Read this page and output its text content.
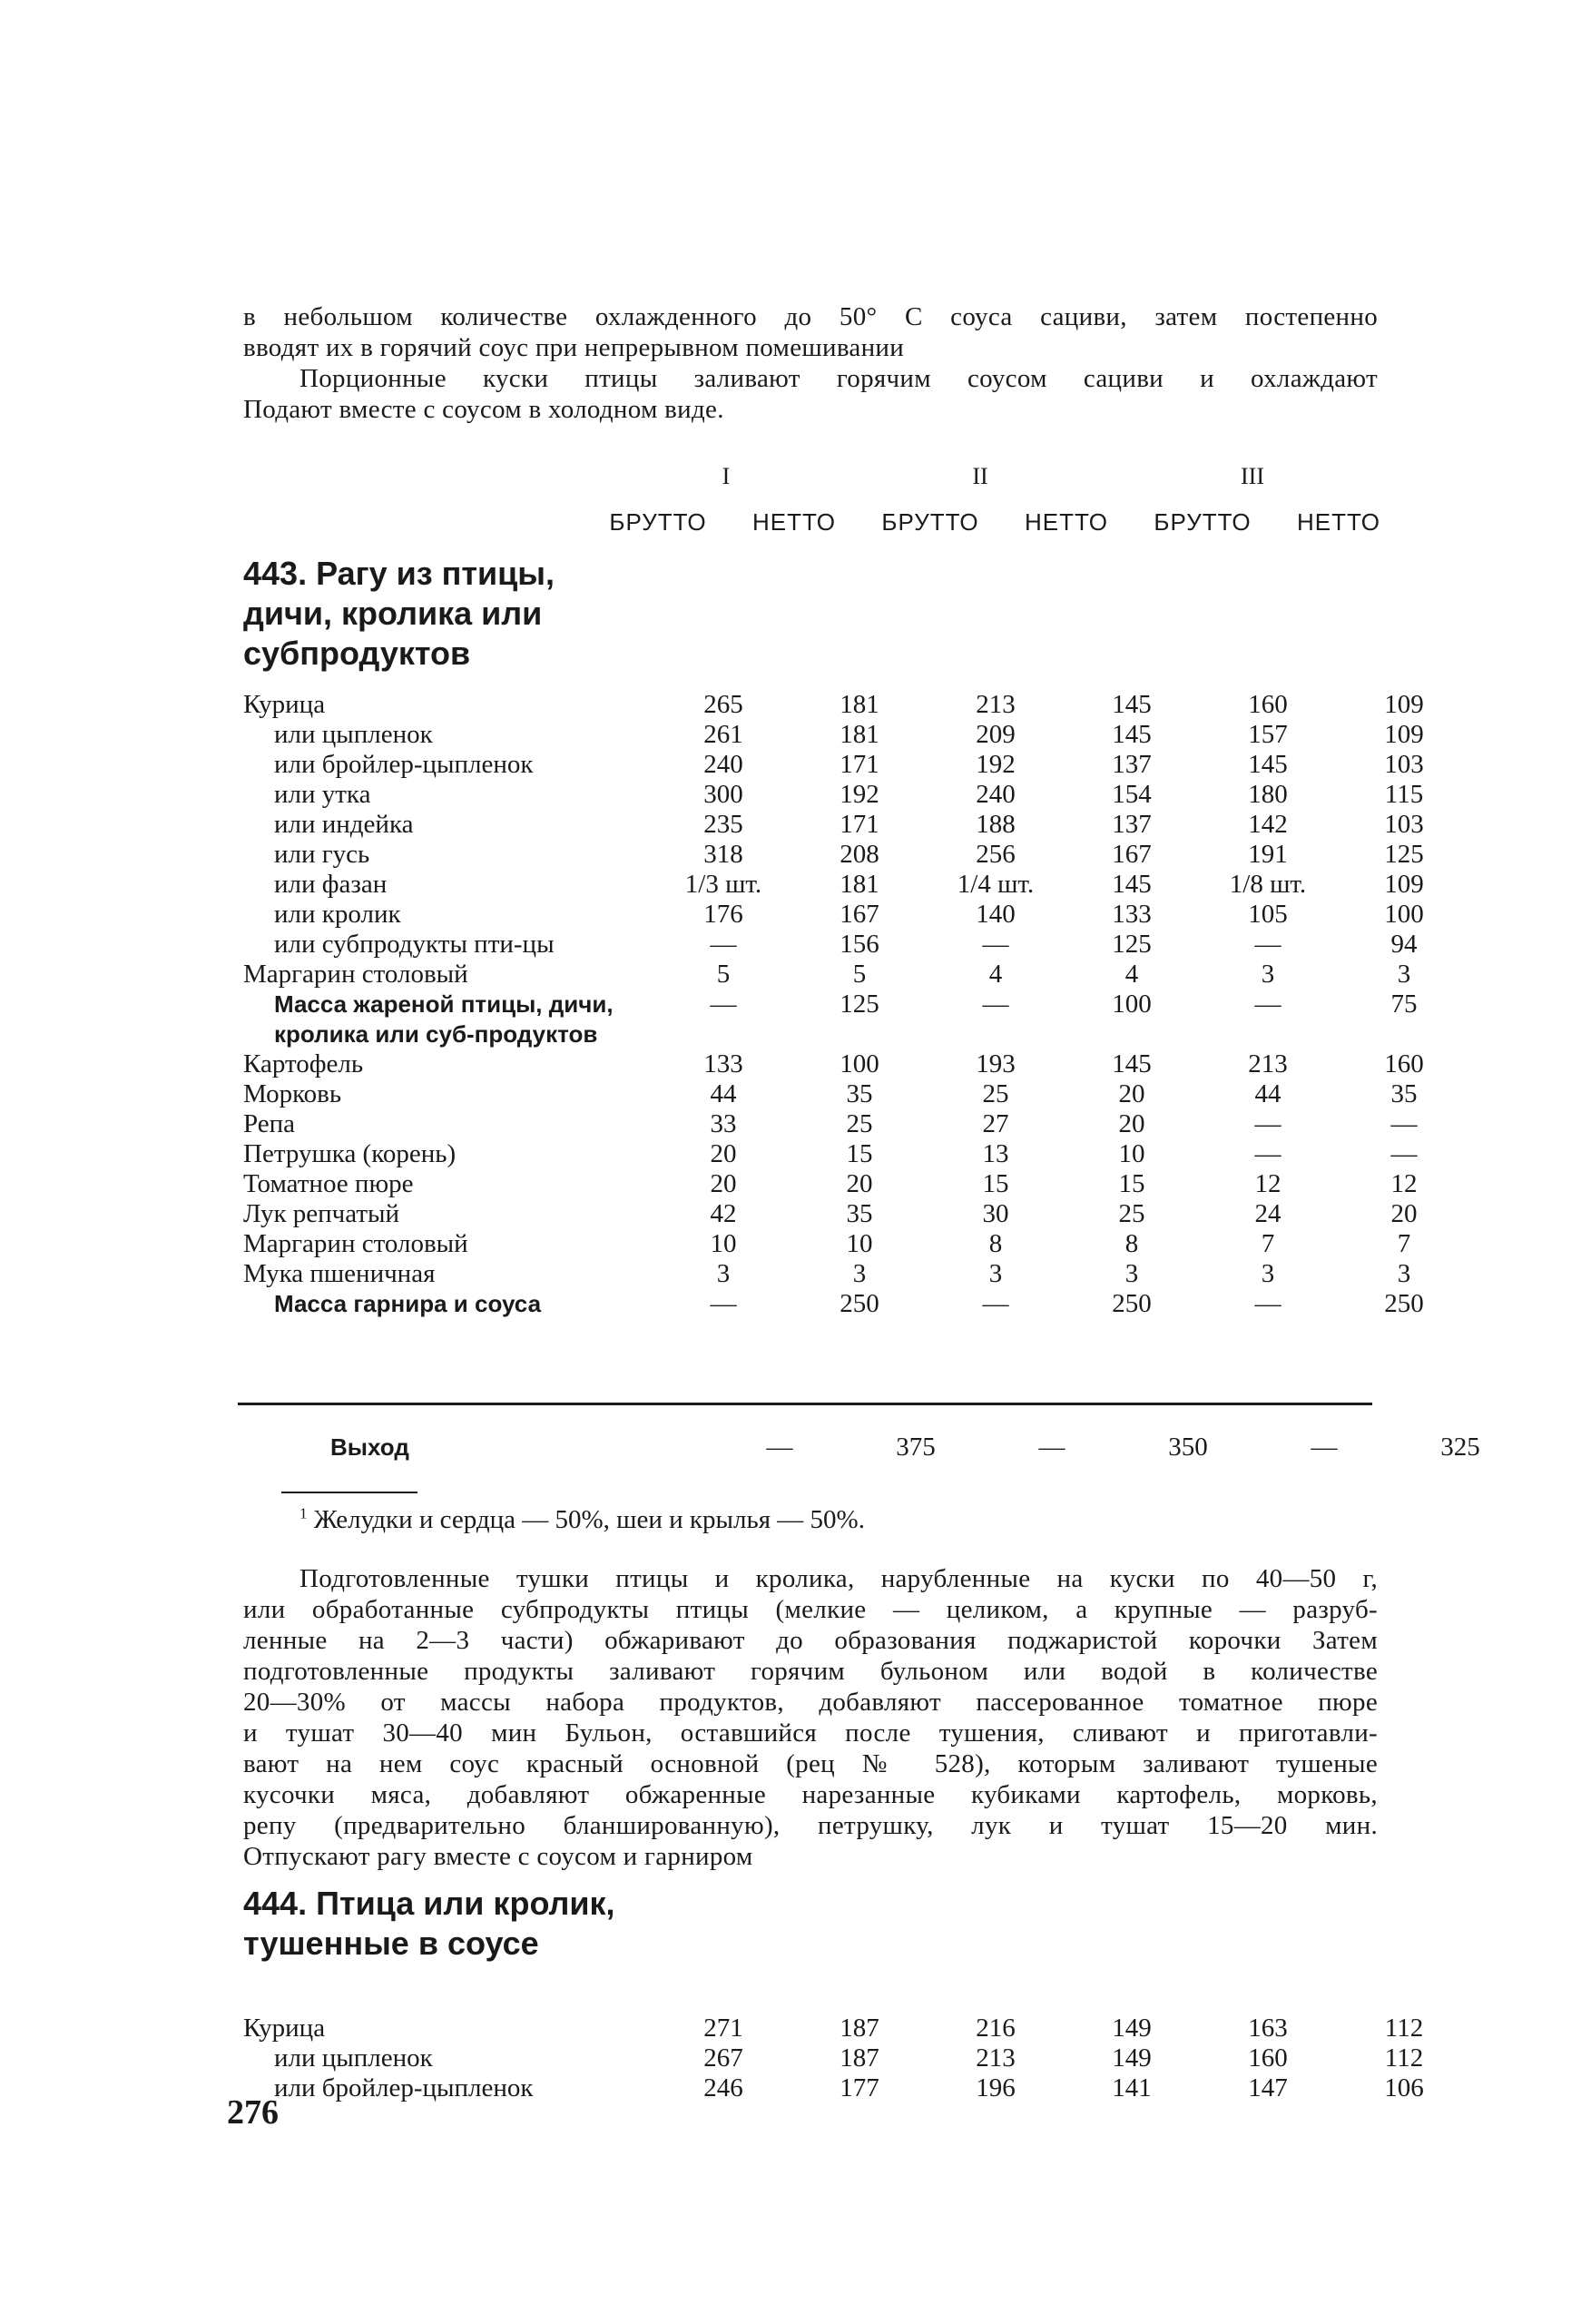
в небольшом количестве охлажденного до 50° С соуса сациви, затем постепенно
вводят их в горячий соус при непрерывном помешивании
Порционные куски птицы заливают горячим соусом сациви и охлаждают
Подают вместе с соусом в холодном виде.
I	II	III
БРУТТО	НЕТТО	БРУТТО	НЕТТО	БРУТТО	НЕТТО
443. Рагу из птицы, дичи, кролика или субпродуктов
Курица	265	181	213	145	160	109
или цыпленок	261	181	209	145	157	109
или бройлер-цыпленок	240	171	192	137	145	103
или утка	300	192	240	154	180	115
или индейка	235	171	188	137	142	103
или гусь	318	208	256	167	191	125
или фазан	1/3 шт.	181	1/4 шт.	145	1/8 шт.	109
или кролик	176	167	140	133	105	100
или субпродукты пти-цы	—	156	—	125	—	94
Маргарин столовый	5	5	4	4	3	3
Масса жареной птицы, дичи, кролика или суб-продуктов	—	125	—	100	—	75
Картофель	133	100	193	145	213	160
Морковь	44	35	25	20	44	35
Репа	33	25	27	20	—	—
Петрушка (корень)	20	15	13	10	—	—
Томатное пюре	20	20	15	15	12	12
Лук репчатый	42	35	30	25	24	20
Маргарин столовый	10	10	8	8	7	7
Мука пшеничная	3	3	3	3	3	3
Масса гарнира и соуса	—	250	—	250	—	250
Выход	—	375	—	350	—	325
$^1$ Желудки и сердца — 50%, шеи и крылья — 50%.
Подготовленные тушки птицы и кролика, нарубленные на куски по 40—50 г,
или обработанные субпродукты птицы (мелкие — целиком, а крупные — разруб-
ленные на 2—3 части) обжаривают до образования поджаристой корочки Затем
подготовленные продукты заливают горячим бульоном или водой в количестве
20—30% от массы набора продуктов, добавляют пассерованное томатное пюре
и тушат 30—40 мин Бульон, оставшийся после тушения, сливают и приготавли-
вают на нем соус красный основной (рец № 528), которым заливают тушеные
кусочки мяса, добавляют обжаренные нарезанные кубиками картофель, морковь,
репу (предварительно бланшированную), петрушку, лук и тушат 15—20 мин.
Отпускают рагу вместе с соусом и гарниром
444. Птица или кролик, тушенные в соусе
Курица	271	187	216	149	163	112
или цыпленок	267	187	213	149	160	112
или бройлер-цыпленок	246	177	196	141	147	106
276
